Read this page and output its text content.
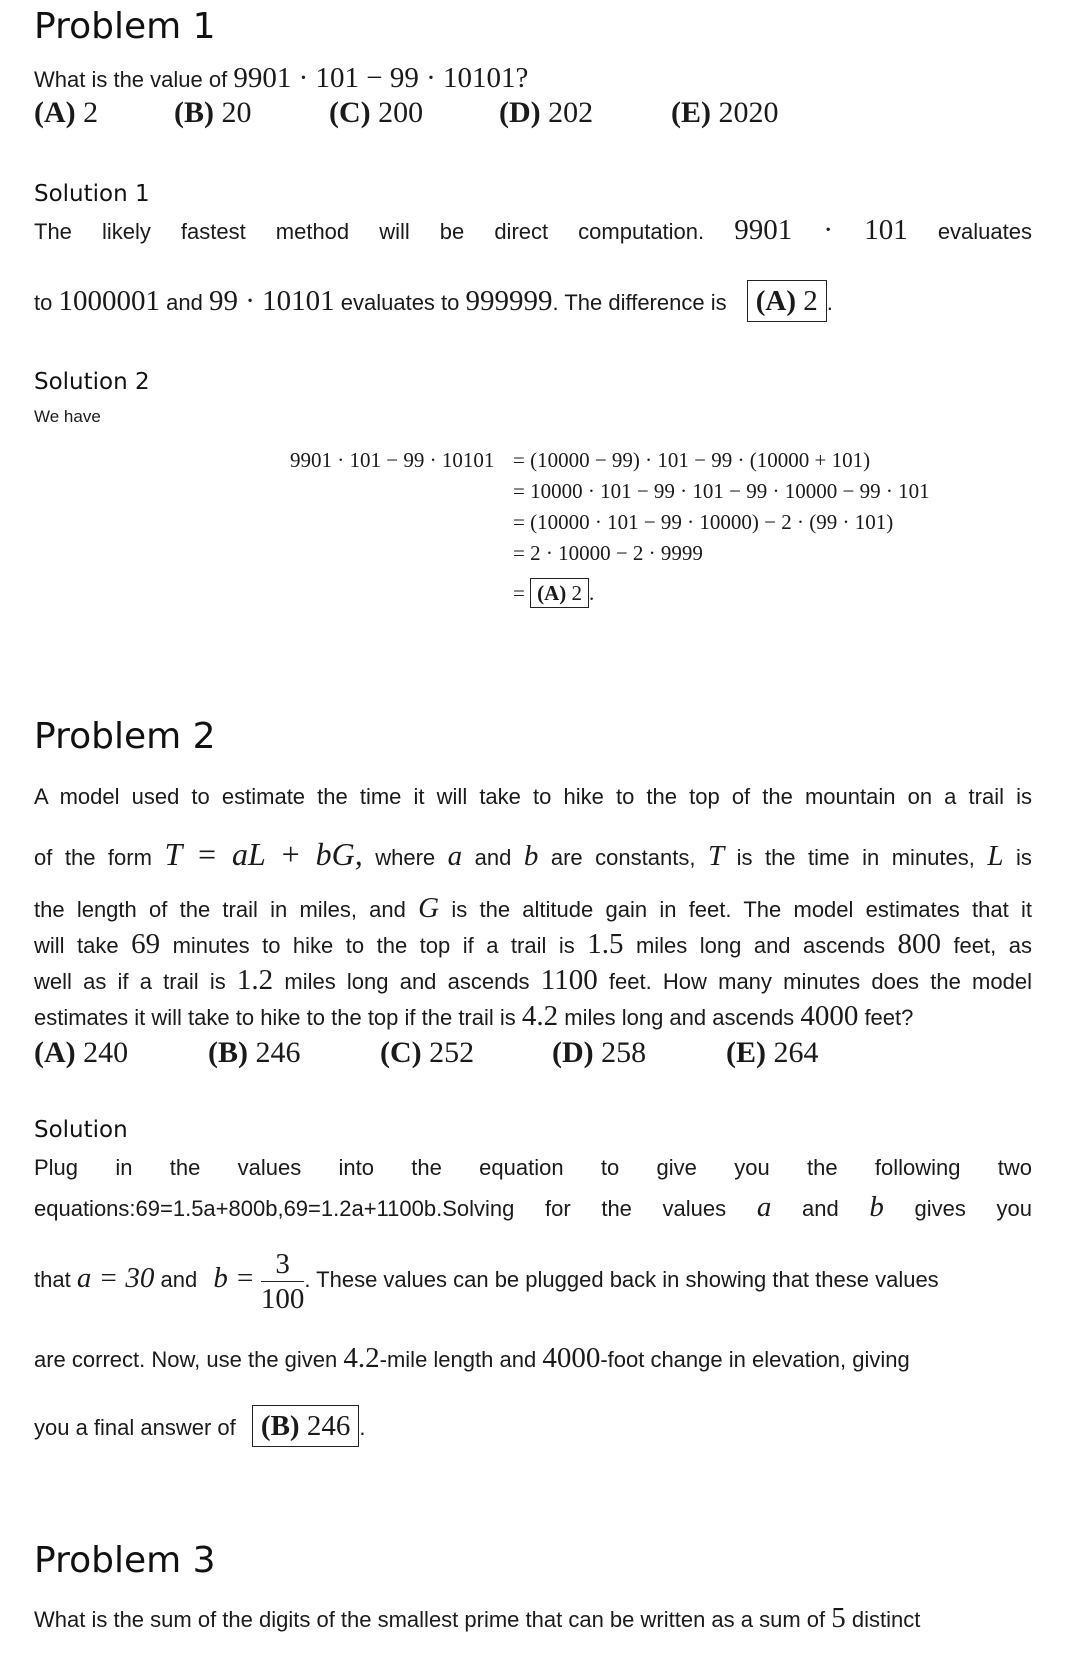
Problem 1
What is the value of 9901 · 101 − 99 · 10101?
(A) 2	(B) 20	(C) 200	(D) 202	(E) 2020
Solution 1
The likely fastest method will be direct computation. 9901 · 101 evaluates
to 1000001 and 99 · 10101 evaluates to 999999. The difference is (A) 2 .
Solution 2
We have
9901 · 101 − 99 · 10101 = (10000 − 99) · 101 − 99 · (10000 + 101)
= 10000 · 101 − 99 · 101 − 99 · 10000 − 99 · 101
= (10000 · 101 − 99 · 10000) − 2 · (99 · 101)
= 2 · 10000 − 2 · 9999
= (A) 2 .
Problem 2
A model used to estimate the time it will take to hike to the top of the mountain on a trail is
of the form T = aL + bG, where a and b are constants, T is the time in minutes, L is
the length of the trail in miles, and G is the altitude gain in feet. The model estimates that it
will take 69 minutes to hike to the top if a trail is 1.5 miles long and ascends 800 feet, as
well as if a trail is 1.2 miles long and ascends 1100 feet. How many minutes does the model
estimates it will take to hike to the top if the trail is 4.2 miles long and ascends 4000 feet?
(A) 240	(B) 246	(C) 252	(D) 258	(E) 264
Solution
Plug in the values into the equation to give you the following two
equations:69=1.5a+800b,69=1.2a+1100b.Solving for the values a and b gives you
that a = 30 and $b = \frac{3}{100}$ . These values can be plugged back in showing that these values
are correct. Now, use the given 4.2-mile length and 4000-foot change in elevation, giving
you a final answer of (B) 246 .
Problem 3
What is the sum of the digits of the smallest prime that can be written as a sum of 5 distinct
